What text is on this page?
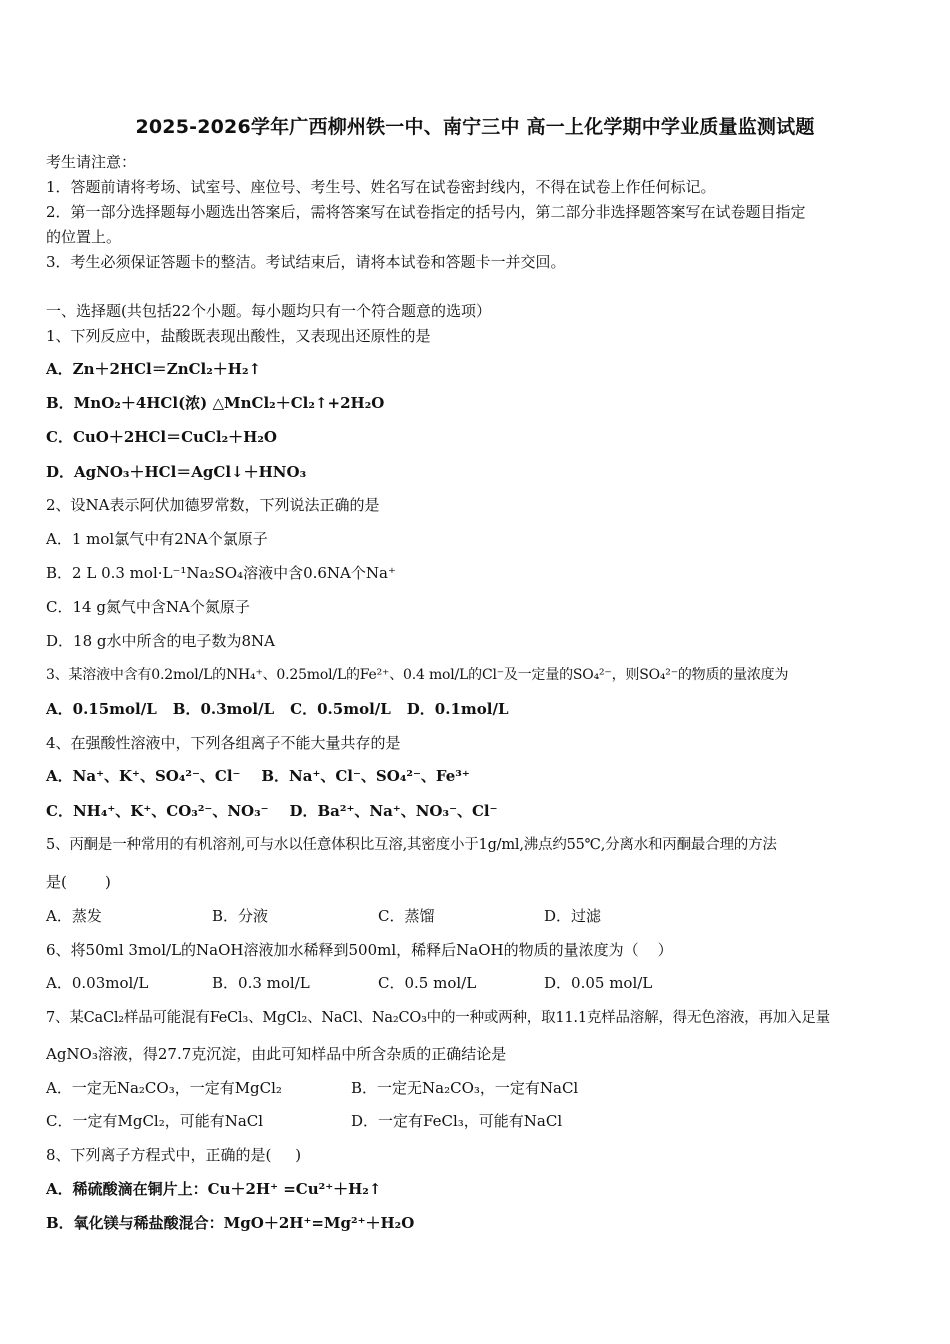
2025-2026学年广西柳州铁一中、南宁三中 高一上化学期中学业质量监测试题
考生请注意：
1．答题前请将考场、试室号、座位号、考生号、姓名写在试卷密封线内，不得在试卷上作任何标记。
2．第一部分选择题每小题选出答案后，需将答案写在试卷指定的括号内，第二部分非选择题答案写在试卷题目指定
的位置上。
3．考生必须保证答题卡的整洁。考试结束后，请将本试卷和答题卡一并交回。
一、选择题(共包括22个小题。每小题均只有一个符合题意的选项）
1、下列反应中，盐酸既表现出酸性，又表现出还原性的是
A．Zn＋2HCl＝ZnCl₂＋H₂↑
B．MnO₂＋4HCl(浓) △MnCl₂＋Cl₂↑+2H₂O
C．CuO＋2HCl＝CuCl₂＋H₂O
D．AgNO₃＋HCl＝AgCl↓＋HNO₃
2、设NA表示阿伏加德罗常数，下列说法正确的是
A．1 mol氯气中有2NA个氯原子
B．2 L 0.3 mol·L⁻¹Na₂SO₄溶液中含0.6NA个Na⁺
C．14 g氮气中含NA个氮原子
D．18 g水中所含的电子数为8NA
3、某溶液中含有0.2mol/L的NH₄⁺、0.25mol/L的Fe²⁺、0.4 mol/L的Cl⁻及一定量的SO₄²⁻，则SO₄²⁻的物质的量浓度为
A．0.15mol/L B．0.3mol/L C．0.5mol/L D．0.1mol/L
4、在强酸性溶液中，下列各组离子不能大量共存的是
A．Na⁺、K⁺、SO₄²⁻、Cl⁻    B．Na⁺、Cl⁻、SO₄²⁻、Fe³⁺
C．NH₄⁺、K⁺、CO₃²⁻、NO₃⁻    D．Ba²⁺、Na⁺、NO₃⁻、Cl⁻
5、丙酮是一种常用的有机溶剂,可与水以任意体积比互溶,其密度小于1g/ml,沸点约55℃,分离水和丙酮最合理的方法
是(        )
A．蒸发	B．分液	C．蒸馏	D．过滤
6、将50ml 3mol/L的NaOH溶液加水稀释到500ml，稀释后NaOH的物质的量浓度为（    ）
A．0.03mol/L	B．0.3 mol/L	C．0.5 mol/L	D．0.05 mol/L
7、某CaCl₂样品可能混有FeCl₃、MgCl₂、NaCl、Na₂CO₃中的一种或两种，取11.1克样品溶解，得无色溶液，再加入足量
AgNO₃溶液，得27.7克沉淀，由此可知样品中所含杂质的正确结论是
A．一定无Na₂CO₃，一定有MgCl₂	B．一定无Na₂CO₃，一定有NaCl
C．一定有MgCl₂，可能有NaCl	D．一定有FeCl₃，可能有NaCl
8、下列离子方程式中，正确的是(     )
A．稀硫酸滴在铜片上：Cu＋2H⁺ =Cu²⁺＋H₂↑
B．氧化镁与稀盐酸混合：MgO＋2H⁺=Mg²⁺＋H₂O
